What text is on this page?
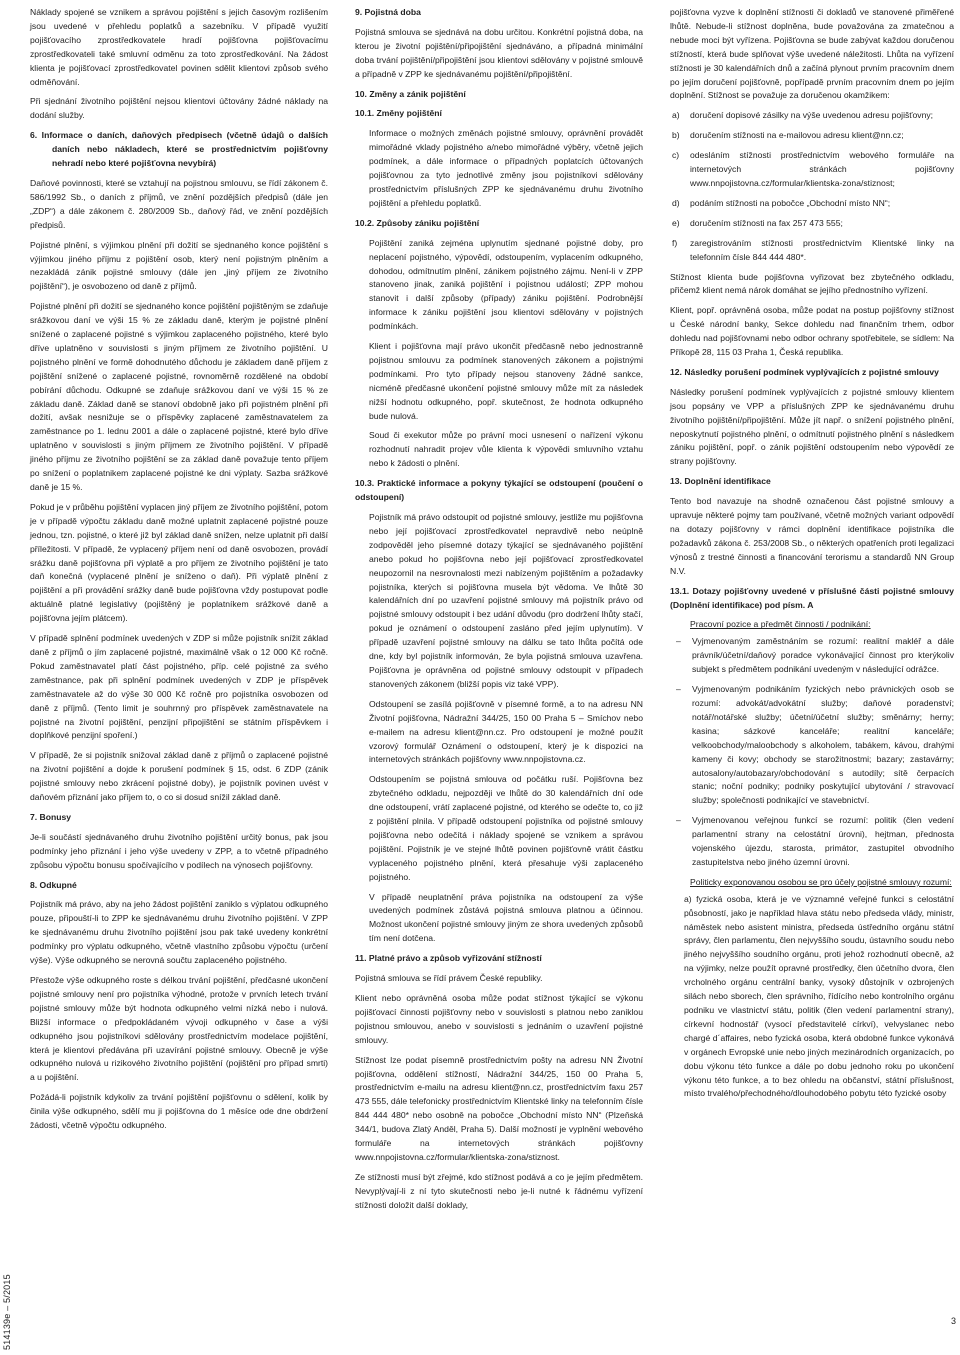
514139e – 5/2015	3

Náklady spojené se vznikem a správou pojištění s jejich časovým rozlišením jsou uvedené v přehledu poplatků a sazebníku. V případě využití pojišťovacího zprostředkovatele hradí pojišťovna pojišťovacímu zprostředkovateli také smluvní odměnu za toto zprostředkování. Na žádost klienta je pojišťovací zprostředkovatel povinen sdělit klientovi způsob svého odměňování.

Při sjednání životního pojištění nejsou klientovi účtovány žádné náklady na dodání služby.

6. Informace o daních, daňových předpisech (včetně údajů o dalších daních nebo nákladech, které se prostřednictvím pojišťovny nehradí nebo které pojišťovna nevybírá)

Daňové povinnosti, které se vztahují na pojistnou smlouvu, se řídí zákonem č. 586/1992 Sb., o daních z příjmů, ve znění pozdějších předpisů (dále jen „ZDP“) a dále zákonem č. 280/2009 Sb., daňový řád, ve znění pozdějších předpisů.

Pojistné plnění, s výjimkou plnění při dožití se sjednaného konce pojištění s výjimkou jiného příjmu z pojištění osob, který není pojistným plněním a nezakládá zánik pojistné smlouvy (dále jen „jiný příjem ze životního pojištění“), je osvobozeno od daně z příjmů.

Pojistné plnění při dožití se sjednaného konce pojištění pojištěným se zdaňuje srážkovou daní ve výši 15 % ze základu daně, kterým je pojistné plnění snížené o zaplacené pojistné s výjimkou zaplaceného pojistného, které bylo dříve uplatněno v souvislosti s jiným příjmem ze životního pojištění. U pojistného plnění ve formě dohodnutého důchodu je základem daně příjem z pojištění snížené o zaplacené pojistné, rovnoměrně rozdělené na období pobírání důchodu. Odkupné se zdaňuje srážkovou daní ve výši 15 % ze základu daně. Základ daně se stanoví obdobně jako při pojistném plnění při dožití, avšak nesnižuje se o příspěvky zaplacené zaměstnavatelem za zaměstnance po 1. lednu 2001 a dále o zaplacené pojistné, které bylo dříve uplatněno v souvislosti s jiným příjmem ze životního pojištění. V případě jiného příjmu ze životního pojištění se za základ daně považuje tento příjem po snížení o poplatnikem zaplacené pojistné ke dni výplaty. Sazba srážkové daně je 15 %.

Pokud je v průběhu pojištění vyplacen jiný příjem ze životního pojištění, potom je v případě výpočtu základu daně možné uplatnit zaplacené pojistné pouze jednou, tzn. pojistné, o které již byl základ daně snížen, nelze uplatnit při další příležitosti. V případě, že vyplacený příjem není od daně osvobozen, provádí srážku daně pojišťovna při výplatě a pro příjem ze životního pojištění je tato daň konečná (vyplacené plnění je sníženo o daň). Při výplatě plnění z pojištění a při provádění srážky daně bude pojišťovna vždy postupovat podle aktuálně platné legislativy (pojištěný je poplatníkem srážkové daně a pojišťovna jejím plátcem).

V případě splnění podmínek uvedených v ZDP si může pojistník snížit základ daně z příjmů o jím zaplacené pojistné, maximálně však o 12 000 Kč ročně. Pokud zaměstnavatel platí část pojistného, příp. celé pojistné za svého zaměstnance, pak při splnění podmínek uvedených v ZDP je příspěvek zaměstnavatele až do výše 30 000 Kč ročně pro pojistníka osvobozen od daně z příjmů. (Tento limit je souhrnný pro příspěvek zaměstnavatele na pojistné na životní pojištění, penzijní připojištění se státním příspěvkem i doplňkové penzijní spoření.)

V případě, že si pojistník snižoval základ daně z příjmů o zaplacené pojistné na životní pojištění a dojde k porušení podmínek § 15, odst. 6 ZDP (zánik pojistné smlouvy nebo zkrácení pojistné doby), je pojistník povinen uvést v daňovém přiznání jako příjem to, o co si dosud snížil základ daně.

7. Bonusy

Je-li součástí sjednávaného druhu životního pojištění určitý bonus, pak jsou podmínky jeho přiznání i jeho výše uvedeny v ZPP, a to včetně případného způsobu výpočtu bonusu spočívajícího v podílech na výnosech pojišťovny.

8. Odkupné

Pojistník má právo, aby na jeho žádost pojištění zaniklo s výplatou odkupného pouze, připouští-li to ZPP ke sjednávanému druhu životního pojištění. V ZPP ke sjednávanému druhu životního pojištění jsou pak také uvedeny konkrétní podmínky pro výplatu odkupného, včetně vlastního způsobu výpočtu (určení výše). Výše odkupného se nerovná součtu zaplaceného pojistného.

Přestože výše odkupného roste s délkou trvání pojištění, předčasné ukončení pojistné smlouvy není pro pojistníka výhodné, protože v prvních letech trvání pojistné smlouvy může být hodnota odkupného velmi nízká nebo i nulová. Bližší informace o předpokládaném vývoji odkupného v čase a výši odkupného jsou pojistníkovi sdělovány prostřednictvím modelace pojištění, která je klientovi předávána při uzavírání pojistné smlouvy. Obecně je výše odkupného nulová u rizikového životního pojištění (pojištění pro případ smrti) a u pojištění.

Požádá-li pojistník kdykoliv za trvání pojištění pojišťovnu o sdělení, kolik by činila výše odkupného, sdělí mu ji pojišťovna do 1 měsíce ode dne obdržení žádosti, včetně výpočtu odkupného.

9. Pojistná doba

Pojistná smlouva se sjednává na dobu určitou. Konkrétní pojistná doba, na kterou je životní pojištění/připojištění sjednáváno, a případná minimální doba trvání pojištění/připojištění jsou klientovi sdělovány v pojistné smlouvě a případně v ZPP ke sjednávanému pojištění/připojištění.

10. Změny a zánik pojištění

10.1. Změny pojištění

Informace o možných změnách pojistné smlouvy, oprávnění provádět mimořádné vklady pojistného a/nebo mimořádné výběry, včetně jejich podmínek, a dále informace o případných poplatcích účtovaných pojišťovnou za tyto jednotlivé změny jsou pojistníkovi sdělovány prostřednictvím příslušných ZPP ke sjednávanému druhu životního pojištění a přehledu poplatků.

10.2. Způsoby zániku pojištění

Pojištění zaniká zejména uplynutím sjednané pojistné doby, pro neplacení pojistného, výpovědí, odstoupením, vyplacením odkupného, dohodou, odmítnutím plnění, zánikem pojistného zájmu. Není-li v ZPP stanoveno jinak, zaniká pojištění i pojistnou událostí; ZPP mohou stanovit i další způsoby (případy) zániku pojištění. Podrobnější informace k zániku pojištění jsou klientovi sdělovány v pojistných podmínkách.

Klient i pojišťovna mají právo ukončit předčasně nebo jednostranně pojistnou smlouvu za podmínek stanovených zákonem a pojistnými podmínkami. Pro tyto případy nejsou stanoveny žádné sankce, nicméně předčasné ukončení pojistné smlouvy může mít za následek nižší hodnotu odkupného, popř. skutečnost, že hodnota odkupného bude nulová.

Soud či exekutor může po právní moci usnesení o nařízení výkonu rozhodnutí nahradit projev vůle klienta k výpovědi smluvního vztahu nebo k žádosti o plnění.

10.3. Praktické informace a pokyny týkající se odstoupení (poučení o odstoupení)

Pojistník má právo odstoupit od pojistné smlouvy, jestliže mu pojišťovna nebo její pojišťovací zprostředkovatel nepravdivě nebo neúplně zodpověděl jeho písemné dotazy týkající se sjednávaného pojištění anebo pokud ho pojišťovna nebo její pojišťovací zprostředkovatel neupozornil na nesrovnalosti mezi nabízeným pojištěním a požadavky pojistníka, kterých si pojišťovna musela být vědoma. Ve lhůtě 30 kalendářních dní po uzavření pojistné smlouvy má pojistník právo od pojistné smlouvy odstoupit i bez udání důvodu (pro dodržení lhůty stačí, pokud je oznámení o odstoupení zasláno před jejím uplynutím). V případě uzavření pojistné smlouvy na dálku se tato lhůta počítá ode dne, kdy byl pojistník informován, že byla pojistná smlouva uzavřena. Pojišťovna je oprávněna od pojistné smlouvy odstoupit v případech stanovených zákonem (bližší popis viz také VPP).

Odstoupení se zasílá pojišťovně v písemné formě, a to na adresu NN Životní pojišťovna, Nádražní 344/25, 150 00 Praha 5 – Smíchov nebo e-mailem na adresu klient@nn.cz. Pro odstoupení je možné použít vzorový formulář Oznámení o odstoupení, který je k dispozici na internetových stránkách pojišťovny www.nnpojistovna.cz.

Odstoupením se pojistná smlouva od počátku ruší. Pojišťovna bez zbytečného odkladu, nejpozději ve lhůtě do 30 kalendářních dní ode dne odstoupení, vrátí zaplacené pojistné, od kterého se odečte to, co již z pojištění plnila. V případě odstoupení pojistníka od pojistné smlouvy pojišťovna nebo odečítá i náklady spojené se vznikem a správou pojištění. Pojistník je ve stejné lhůtě povinen pojišťovně vrátit částku vyplaceného pojistného plnění, která přesahuje výši zaplaceného pojistného.

V případě neuplatnění práva pojistníka na odstoupení za výše uvedených podmínek zůstává pojistná smlouva platnou a účinnou. Možnost ukončení pojistné smlouvy jiným ze shora uvedených způsobů tím není dotčena.

11. Platné právo a způsob vyřizování stížností

Pojistná smlouva se řídí právem České republiky.

Klient nebo oprávněná osoba může podat stížnost týkající se výkonu pojišťovací činnosti pojišťovny nebo v souvislosti s platnou nebo zaniklou pojistnou smlouvou, anebo v souvislosti s jednáním o uzavření pojistné smlouvy.

Stížnost lze podat písemně prostřednictvím pošty na adresu NN Životní pojišťovna, oddělení stížností, Nádražní 344/25, 150 00 Praha 5, prostřednictvím e-mailu na adresu klient@nn.cz, prostřednictvím faxu 257 473 555, dále telefonicky prostřednictvím Klientské linky na telefonním čísle 844 444 480* nebo osobně na pobočce „Obchodní místo NN“ (Plzeňská 344/1, budova Zlatý Anděl, Praha 5). Další možností je vyplnění webového formuláře na internetových stránkách pojišťovny www.nnpojistovna.cz/formular/klientska-zona/stiznost.

Ze stížnosti musí být zřejmé, kdo stížnost podává a co je jejím předmětem. Nevyplývají-li z ní tyto skutečnosti nebo je-li nutné k řádnému vyřízení stížnosti doložit další doklady,

pojišťovna vyzve k doplnění stížnosti či dokladů ve stanovené přiměřené lhůtě. Nebude-li stížnost doplněna, bude považována za zmatečnou a nebude moci být vyřízena. Pojišťovna se bude zabývat každou doručenou stížností, která bude splňovat výše uvedené náležitosti. Lhůta na vyřízení stížnosti je 30 kalendářních dnů a začíná plynout prvním pracovním dnem po jejím doručení pojišťovně, popřípadě prvním pracovním dnem po jejím doplnění. Stížnost se považuje za doručenou okamžikem:

a) doručení dopisové zásilky na výše uvedenou adresu pojišťovny;

b) doručením stížnosti na e-mailovou adresu klient@nn.cz;

c) odesláním stížnosti prostřednictvím webového formuláře na internetových stránkách pojišťovny www.nnpojistovna.cz/formular/klientska-zona/stiznost;

d) podáním stížnosti na pobočce „Obchodní místo NN“;

e) doručením stížnosti na fax 257 473 555;

f) zaregistrováním stížnosti prostřednictvím Klientské linky na telefonním čísle 844 444 480*.

Stížnost klienta bude pojišťovna vyřizovat bez zbytečného odkladu, přičemž klient nemá nárok domáhat se jejího přednostního vyřízení.

Klient, popř. oprávněná osoba, může podat na postup pojišťovny stížnost u České národní banky, Sekce dohledu nad finančním trhem, odbor dohledu nad pojišťovnami nebo odbor ochrany spotřebitele, se sídlem: Na Příkopě 28, 115 03 Praha 1, Česká republika.

12. Následky porušení podmínek vyplývajících z pojistné smlouvy

Následky porušení podmínek vyplývajících z pojistné smlouvy klientem jsou popsány ve VPP a příslušných ZPP ke sjednávanému druhu životního pojištění/připojištění. Může jít např. o snížení pojistného plnění, neposkytnutí pojistného plnění, o odmítnutí pojistného plnění s následkem zániku pojištění, popř. o zánik pojištění odstoupením nebo výpovědí ze strany pojišťovny.

13. Doplnění identifikace

Tento bod navazuje na shodně označenou část pojistné smlouvy a upravuje některé pojmy tam používané, včetně možných variant odpovědí na dotazy pojišťovny v rámci doplnění identifikace pojistníka dle požadavků zákona č. 253/2008 Sb., o některých opatřeních proti legalizaci výnosů z trestné činnosti a financování terorismu a standardů NN Group N.V.

13.1. Dotazy pojišťovny uvedené v příslušné části pojistné smlouvy (Doplnění identifikace) pod písm. A

Pracovní pozice a předmět činnosti / podnikání:

– Vyjmenovaným zaměstnáním se rozumí: realitní makléř a dále právník/účetní/daňový poradce vykonávající činnost pro kterýkoliv subjekt s předmětem podnikání uvedeným v následující odrážce.

– Vyjmenovaným podnikáním fyzických nebo právnických osob se rozumí: advokát/advokátní služby; daňové poradenství; notář/notářské služby; účetní/účetní služby; směnárny; herny; kasina; sázkové kanceláře; realitní kanceláře; velkoobchody/maloobchody s alkoholem, tabákem, kávou, drahými kameny či kovy; obchody se starožitnostmi; bazary; zastavárny; autosalony/autobazary/obchodování s autodíly; sítě čerpacích stanic; noční podniky; podniky poskytující ubytování / stravovací služby; společnosti podnikající ve stavebnictví.

– Vyjmenovanou veřejnou funkcí se rozumí: politik (člen vedení parlamentní strany na celostátní úrovni), hejtman, přednosta vojenského újezdu, starosta, primátor, zastupitel obvodního zastupitelstva nebo jiného územní úrovni.

Politicky exponovanou osobou se pro účely pojistné smlouvy rozumí:

a) fyzická osoba, která je ve významné veřejné funkci s celostátní působností, jako je například hlava státu nebo předseda vlády, ministr, náměstek nebo asistent ministra, předseda ústředního orgánu státní správy, člen parlamentu, člen nejvyššího soudu, ústavního soudu nebo jiného nejvyššího soudního orgánu, proti jehož rozhodnutí obecně, až na výjimky, nelze použít opravné prostředky, člen účetního dvora, člen vrcholného orgánu centrální banky, vysoký důstojník v ozbrojených silách nebo sborech, člen správního, řídícího nebo kontrolního orgánu podniku ve vlastnictví státu, politik (člen vedení parlamentní strany), církevní hodnostář (vysocí představitelé církví), velvyslanec nebo chargé d´affaires, nebo fyzická osoba, která obdobné funkce vykonává v orgánech Evropské unie nebo jiných mezinárodních organizacích, po dobu výkonu této funkce a dále po dobu jednoho roku po ukončení výkonu této funkce, a to bez ohledu na občanství, státní příslušnost, místo trvalého/přechodného/dlouhodobého pobytu této fyzické osoby
